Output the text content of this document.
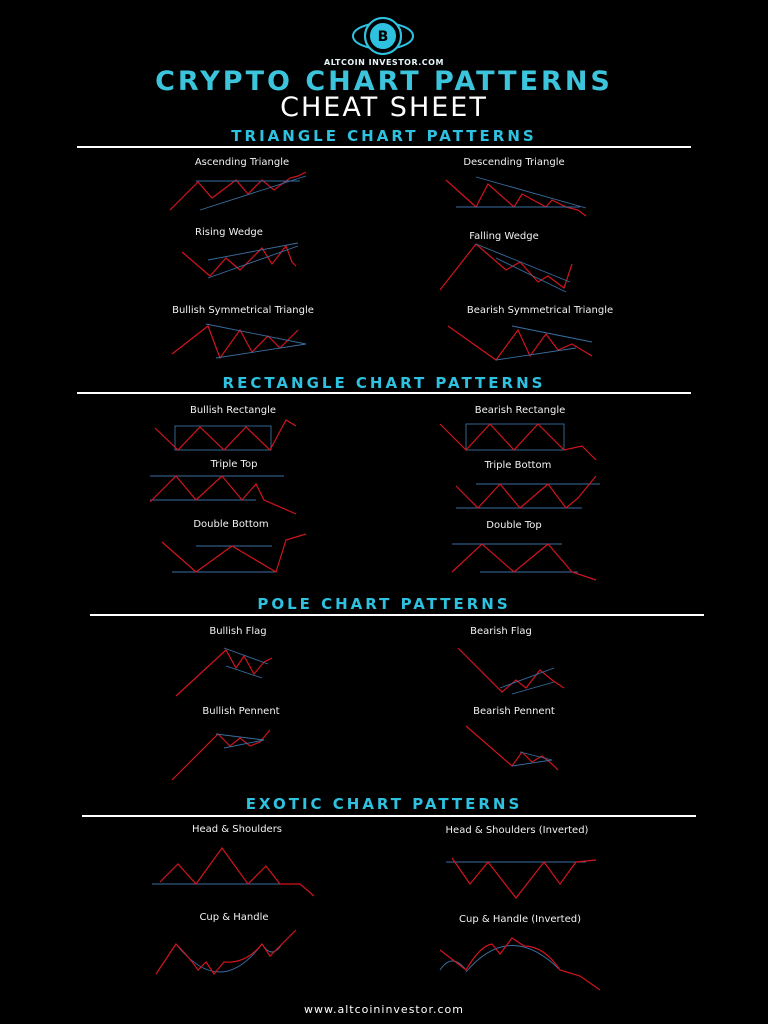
B
ALTCOIN INVESTOR.COM
CRYPTO CHART PATTERNS
CHEAT SHEET
TRIANGLE CHART PATTERNS
RECTANGLE CHART PATTERNS
POLE CHART PATTERNS
EXOTIC CHART PATTERNS
Ascending Triangle	Descending Triangle
Rising Wedge	Falling Wedge
Bullish Symmetrical Triangle	Bearish Symmetrical Triangle
Bullish Rectangle	Bearish Rectangle
Triple Top	Triple Bottom
Double Bottom	Double Top
Bullish Flag	Bearish Flag
Bullish Pennent	Bearish Pennent
Head & Shoulders	Head & Shoulders (Inverted)
Cup & Handle	Cup & Handle (Inverted)
www.altcoininvestor.com
